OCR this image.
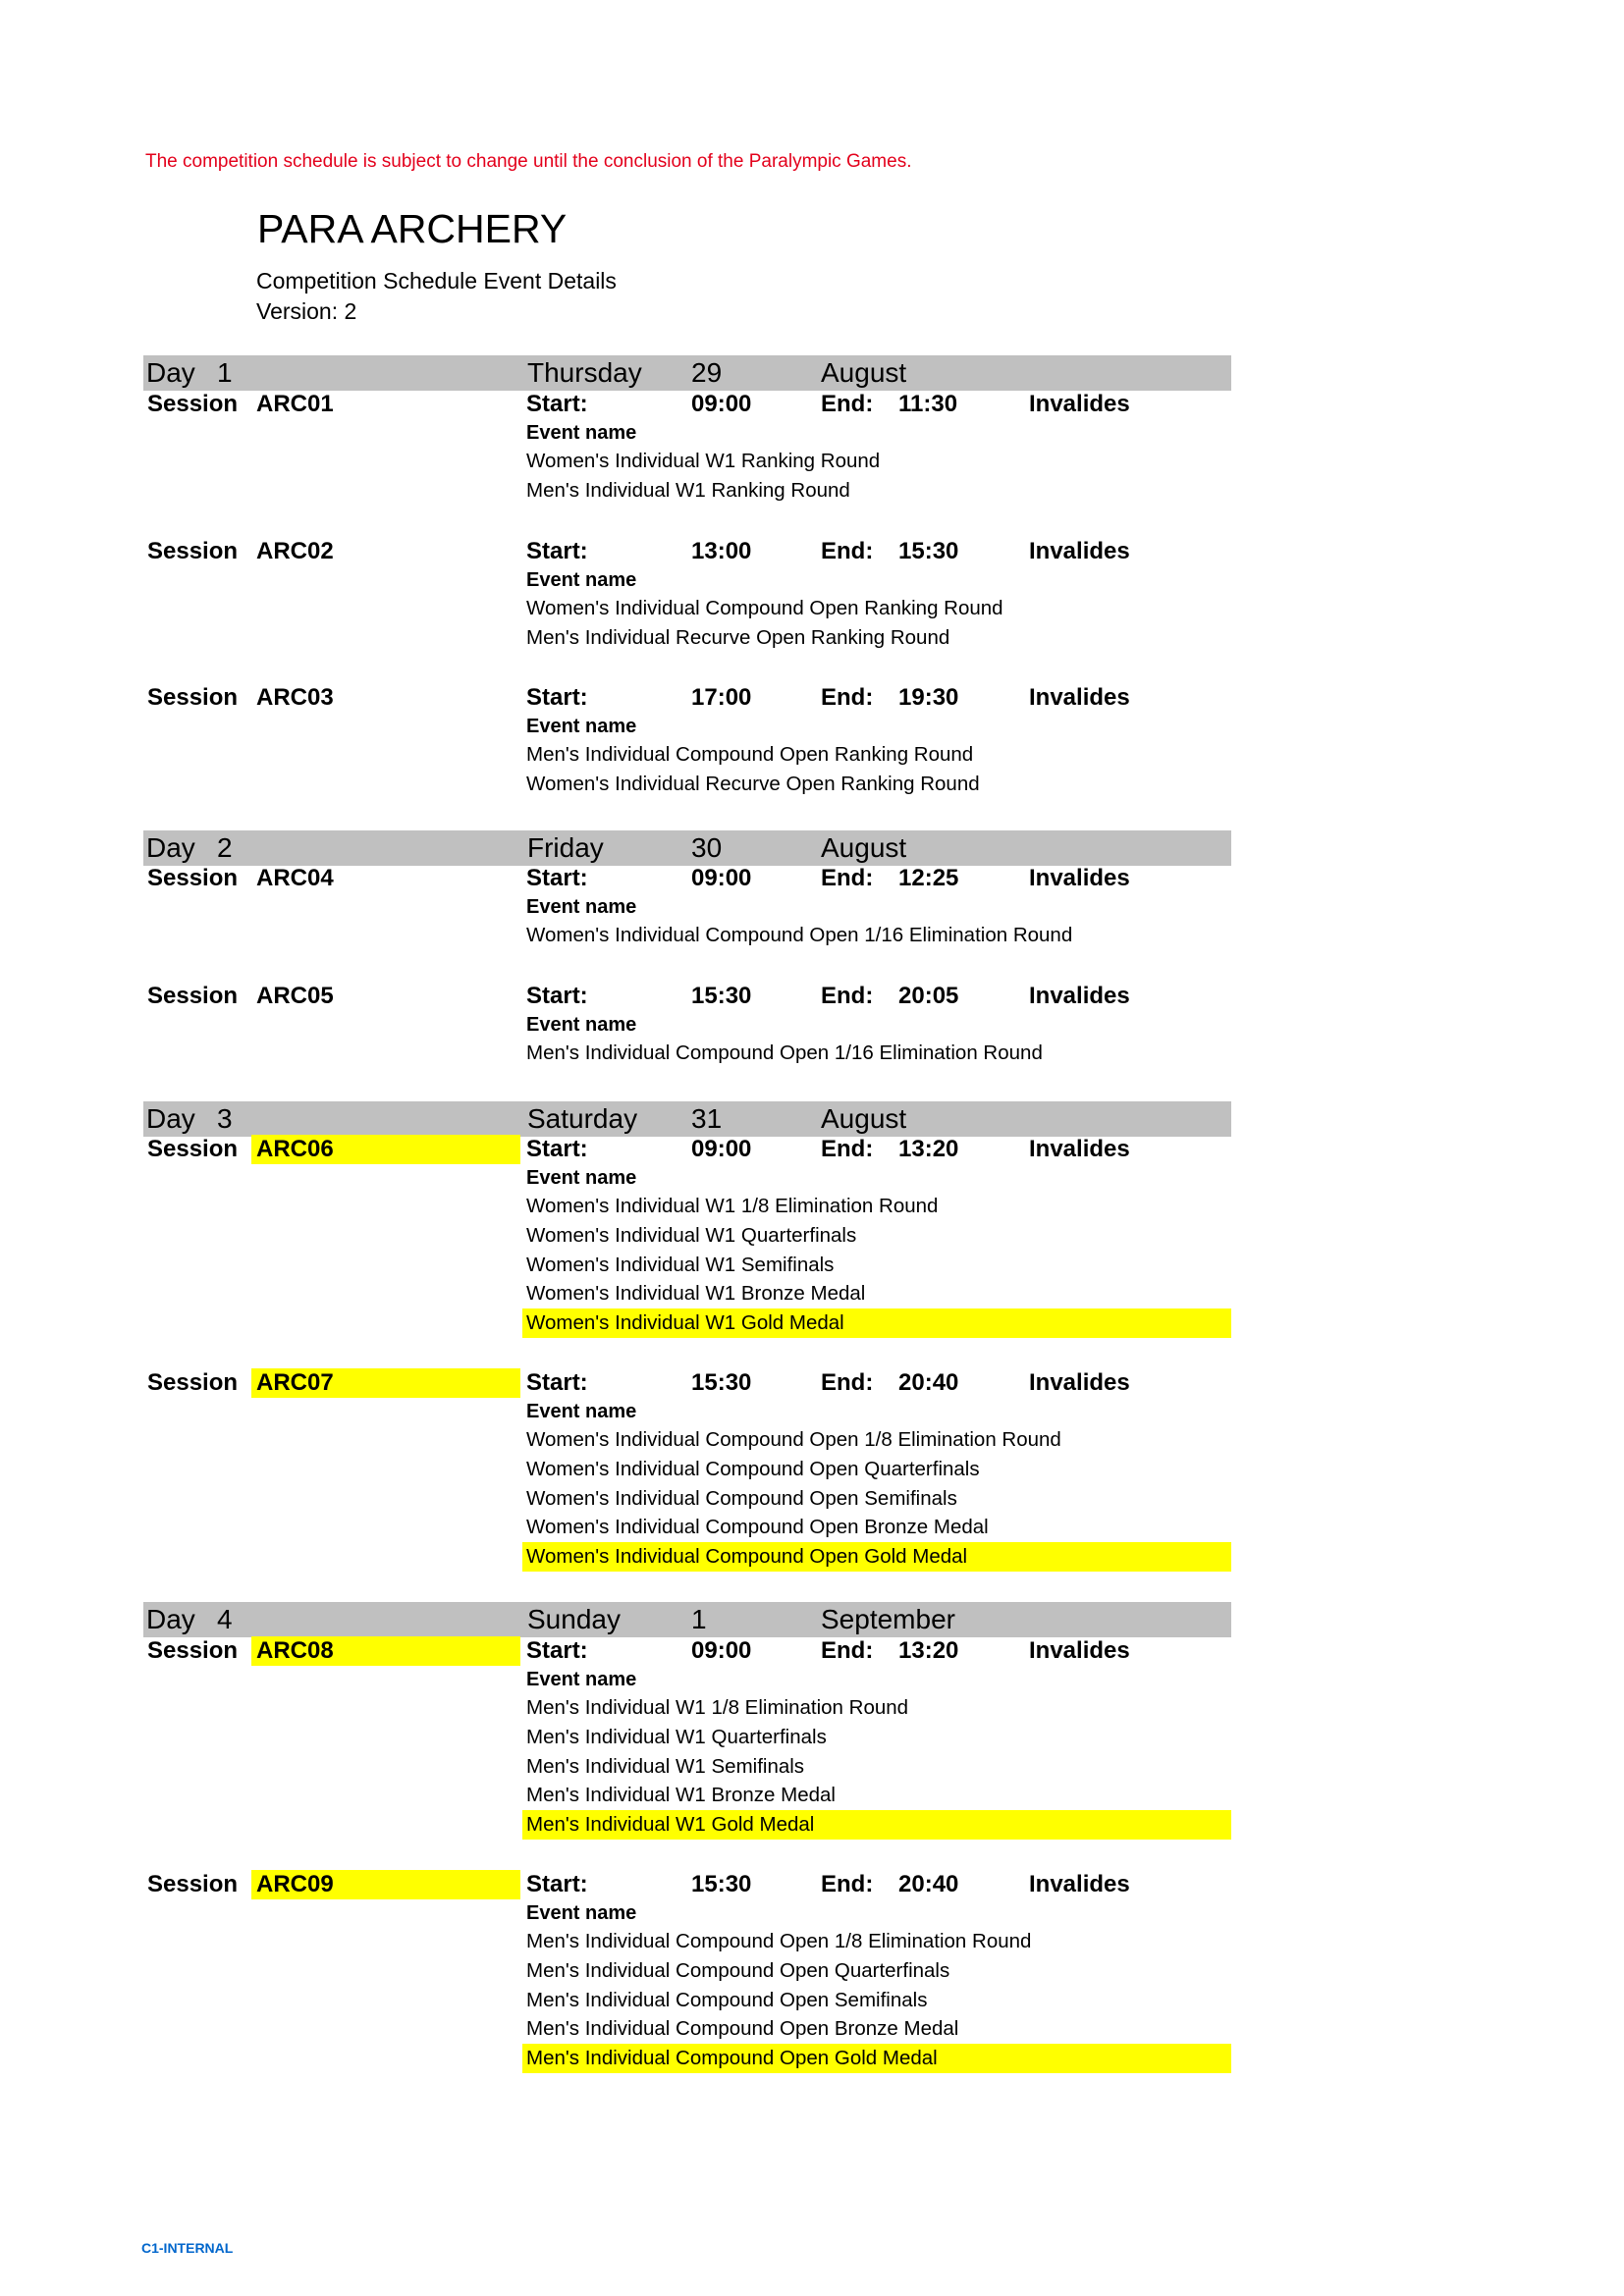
The competition schedule is subject to change until the conclusion of the Paralympic Games.
PARA ARCHERY
Competition Schedule Event Details
Version: 2
Day 1	Thursday 29	August
Session ARC01	Start:	09:00	End: 11:30	Invalides
Event name
Women's Individual W1 Ranking Round
Men's Individual W1 Ranking Round
Session ARC02	Start:	13:00	End: 15:30	Invalides
Event name
Women's Individual Compound Open Ranking Round
Men's Individual Recurve Open Ranking Round
Session ARC03	Start:	17:00	End: 19:30	Invalides
Event name
Men's Individual Compound Open Ranking Round
Women's Individual Recurve Open Ranking Round
Day 2	Friday	30	August
Session ARC04	Start:	09:00	End: 12:25	Invalides
Event name
Women's Individual Compound Open 1/16 Elimination Round
Session ARC05	Start:	15:30	End: 20:05	Invalides
Event name
Men's Individual Compound Open 1/16 Elimination Round
Day 3	Saturday 31	August
Session ARC06	Start:	09:00	End: 13:20	Invalides
Event name
Women's Individual W1 1/8 Elimination Round
Women's Individual W1 Quarterfinals
Women's Individual W1 Semifinals
Women's Individual W1 Bronze Medal
Women's Individual W1 Gold Medal
Session ARC07	Start:	15:30	End: 20:40	Invalides
Event name
Women's Individual Compound Open 1/8 Elimination Round
Women's Individual Compound Open Quarterfinals
Women's Individual Compound Open Semifinals
Women's Individual Compound Open Bronze Medal
Women's Individual Compound Open Gold Medal
Day 4	Sunday	1	September
Session ARC08	Start:	09:00	End: 13:20	Invalides
Event name
Men's Individual W1 1/8 Elimination Round
Men's Individual W1 Quarterfinals
Men's Individual W1 Semifinals
Men's Individual W1 Bronze Medal
Men's Individual W1 Gold Medal
Session ARC09	Start:	15:30	End: 20:40	Invalides
Event name
Men's Individual Compound Open 1/8 Elimination Round
Men's Individual Compound Open Quarterfinals
Men's Individual Compound Open Semifinals
Men's Individual Compound Open Bronze Medal
Men's Individual Compound Open Gold Medal
C1-INTERNAL
